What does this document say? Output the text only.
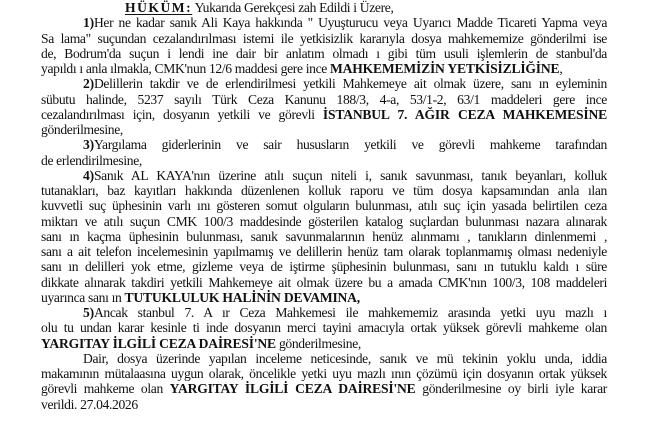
HÜKÜM: Yukarıda Gerekçesi zah Edildi i Üzere,
1)Her ne kadar sanık Ali Kaya hakkında " Uyuşturucu veya Uyarıcı Madde Ticareti Yapma veya
Sa lama" suçundan cezalandırılması istemi ile yetkisizlik kararıyla dosya mahkememize gönderilmi ise
de, Bodrum'da suçun i lendi ine dair bir anlatım olmadı ı gibi tüm usuli işlemlerin de stanbul'da
yapıldı ı anla ılmakla, CMK'nun 12/6 maddesi gere ince MAHKEMEMİZİN YETKİSİZLİĞİNE,
2)Delillerin takdir ve de erlendirilmesi yetkili Mahkemeye ait olmak üzere, sanı ın eyleminin
sübutu halinde, 5237 sayılı Türk Ceza Kanunu 188/3, 4-a, 53/1-2, 63/1 maddeleri gere ince
cezalandırılması için, dosyanın yetkili ve görevli İSTANBUL 7. AĞIR CEZA MAHKEMESİNE
gönderilmesine,
3)Yargılama giderlerinin ve sair hususların yetkili ve görevli mahkeme tarafından
de erlendirilmesine,
4)Sanık AL KAYA'nın üzerine atılı suçun niteli i, sanık savunması, tanık beyanları, kolluk
tutanakları, baz kayıtları hakkında düzenlenen kolluk raporu ve tüm dosya kapsamından anla ılan
kuvvetli suç üphesinin varlı ını gösteren somut olguların bulunması, atılı suç için yasada belirtilen ceza
miktarı ve atılı suçun CMK 100/3 maddesinde gösterilen katalog suçlardan bulunması nazara alınarak
sanı ın kaçma üphesinin bulunması, sanık savunmalarının henüz alınmamı , tanıkların dinlenmemi ,
sanı a ait telefon incelemesinin yapılmamış ve delillerin henüz tam olarak toplanmamış olması nedeniyle
sanı ın delilleri yok etme, gizleme veya de iştirme şüphesinin bulunması, sanı ın tutuklu kaldı ı süre
dikkate alınarak takdiri yetkili Mahkemeye ait olmak üzere bu a amada CMK'nın 100/3, 108 maddeleri
uyarınca sanı ın TUTUKLULUK HALİNİN DEVAMINA,
5)Ancak stanbul 7. A ır Ceza Mahkemesi ile mahkememiz arasında yetki uyu mazlı ı
olu tu undan karar kesinle ti inde dosyanın merci tayini amacıyla ortak yüksek görevli mahkeme olan
YARGITAY İLGİLİ CEZA DAİRESİ'NE gönderilmesine,
Dair, dosya üzerinde yapılan inceleme neticesinde, sanık ve mü tekinin yoklu unda, iddia
makamının mütalaasına uygun olarak, öncelikle yetki uyu mazlı ının çözümü için dosyanın ortak yüksek
görevli mahkeme olan YARGITAY İLGİLİ CEZA DAİRESİ'NE gönderilmesine oy birli iyle karar
verildi. 27.04.2026
